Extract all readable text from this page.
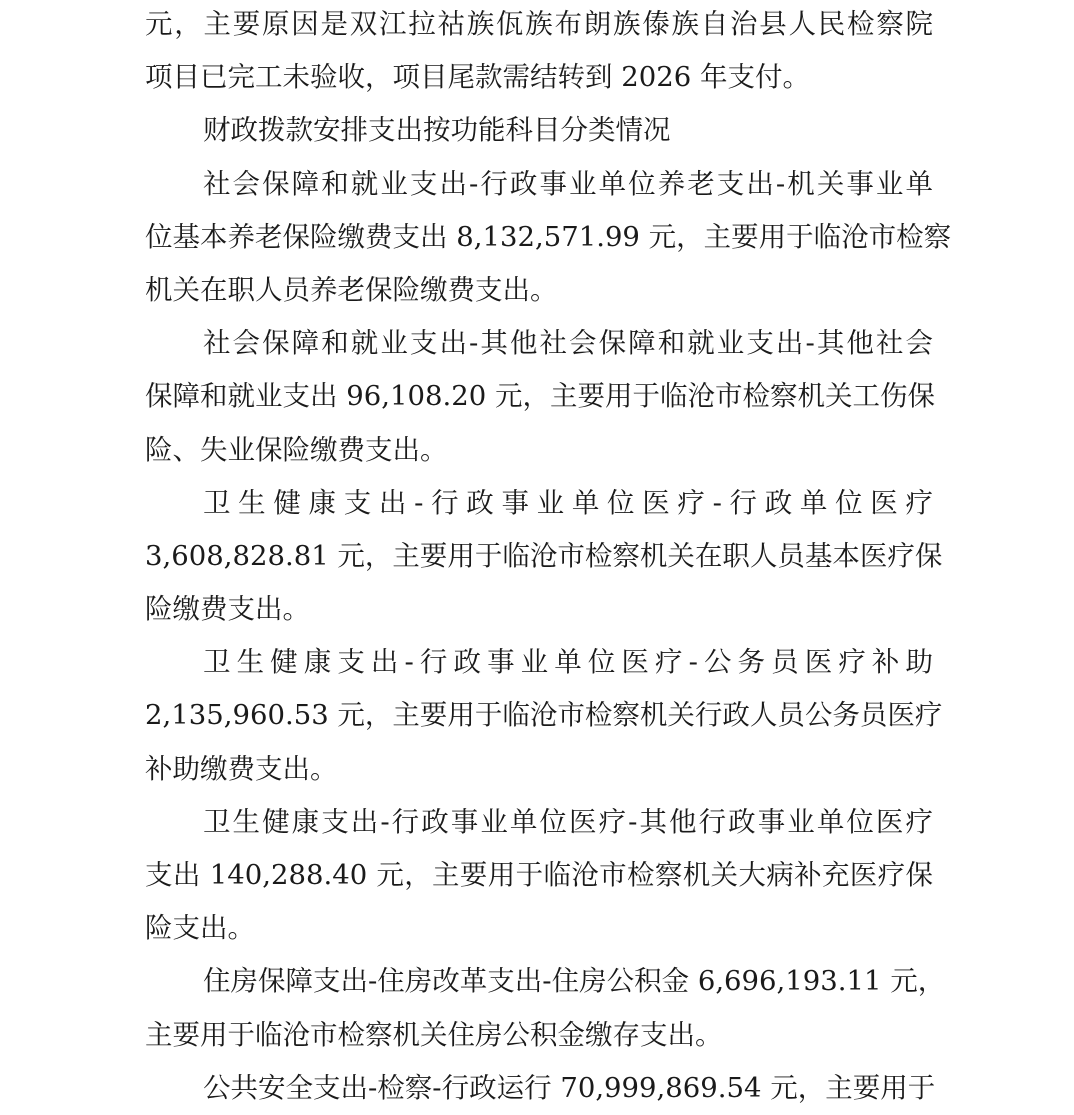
元，主要原因是双江拉祜族佤族布朗族傣族自治县人民检察院
项目已完工未验收，项目尾款需结转到 2026 年支付。
财政拨款安排支出按功能科目分类情况
社会保障和就业支出-行政事业单位养老支出-机关事业单
位基本养老保险缴费支出 8,132,571.99 元，主要用于临沧市检察
机关在职人员养老保险缴费支出。
社会保障和就业支出-其他社会保障和就业支出-其他社会
保障和就业支出 96,108.20 元，主要用于临沧市检察机关工伤保
险、失业保险缴费支出。
卫生健康支出-行政事业单位医疗-行政单位医疗
3,608,828.81 元，主要用于临沧市检察机关在职人员基本医疗保
险缴费支出。
卫生健康支出-行政事业单位医疗-公务员医疗补助
2,135,960.53 元，主要用于临沧市检察机关行政人员公务员医疗
补助缴费支出。
卫生健康支出-行政事业单位医疗-其他行政事业单位医疗
支出 140,288.40 元，主要用于临沧市检察机关大病补充医疗保
险支出。
住房保障支出-住房改革支出-住房公积金 6,696,193.11 元，
主要用于临沧市检察机关住房公积金缴存支出。
公共安全支出-检察-行政运行 70,999,869.54 元，主要用于
